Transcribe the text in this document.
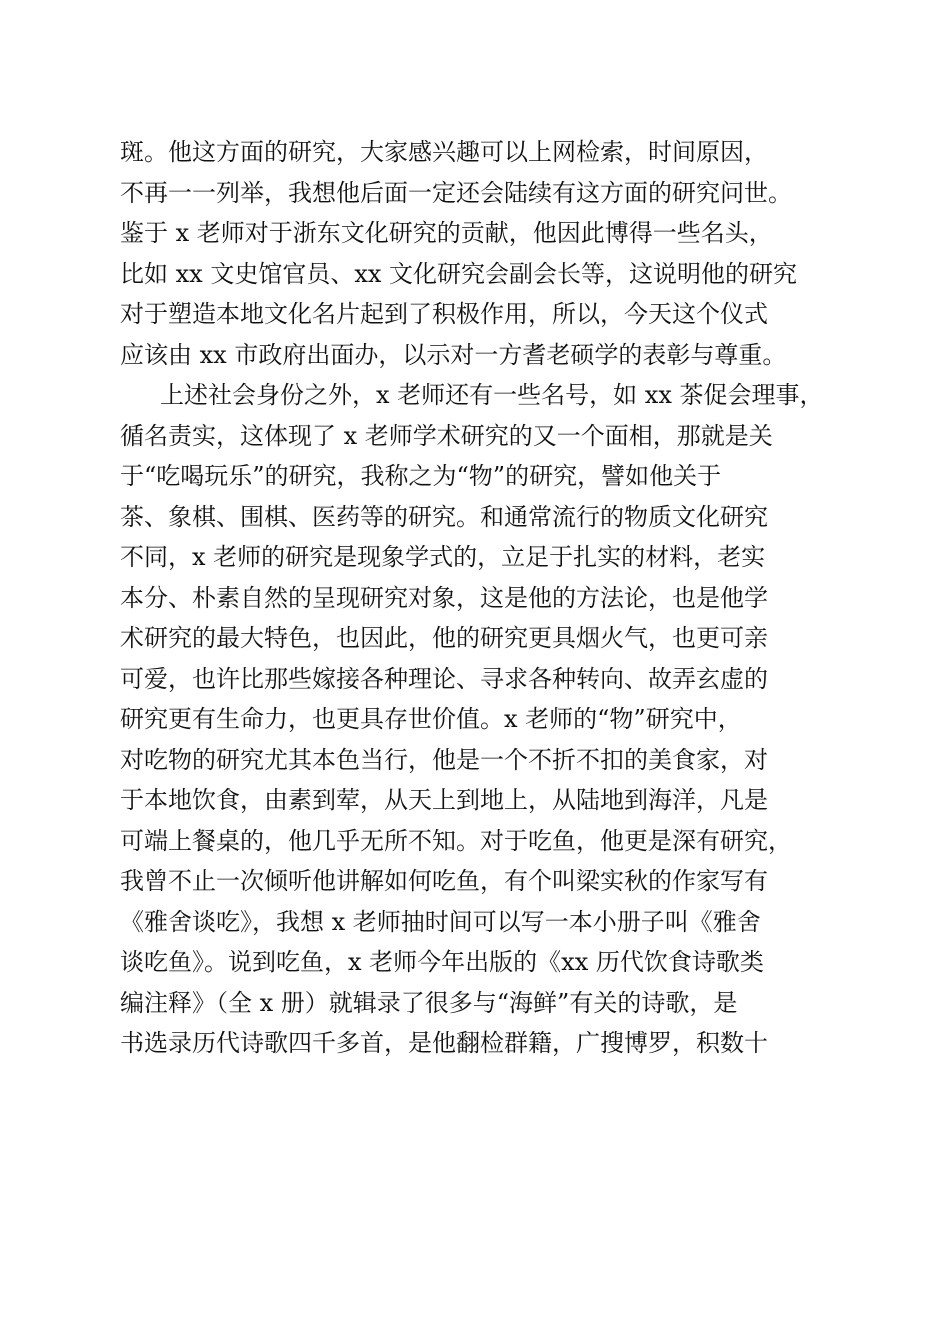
斑。他这方面的研究，大家感兴趣可以上网检索，时间原因，
不再一一列举，我想他后面一定还会陆续有这方面的研究问世。
鉴于 x 老师对于浙东文化研究的贡献，他因此博得一些名头，
比如 xx 文史馆官员、xx 文化研究会副会长等，这说明他的研究
对于塑造本地文化名片起到了积极作用，所以，今天这个仪式
应该由 xx 市政府出面办，以示对一方耆老硕学的表彰与尊重。
上述社会身份之外，x 老师还有一些名号，如 xx 茶促会理事，
循名责实，这体现了 x 老师学术研究的又一个面相，那就是关
于“吃喝玩乐”的研究，我称之为“物”的研究，譬如他关于
茶、象棋、围棋、医药等的研究。和通常流行的物质文化研究
不同，x 老师的研究是现象学式的，立足于扎实的材料，老实
本分、朴素自然的呈现研究对象，这是他的方法论，也是他学
术研究的最大特色，也因此，他的研究更具烟火气，也更可亲
可爱，也许比那些嫁接各种理论、寻求各种转向、故弄玄虚的
研究更有生命力，也更具存世价值。x 老师的“物”研究中，
对吃物的研究尤其本色当行，他是一个不折不扣的美食家，对
于本地饮食，由素到荤，从天上到地上，从陆地到海洋，凡是
可端上餐桌的，他几乎无所不知。对于吃鱼，他更是深有研究，
我曾不止一次倾听他讲解如何吃鱼，有个叫梁实秋的作家写有
《雅舍谈吃》，我想 x 老师抽时间可以写一本小册子叫《雅舍
谈吃鱼》。说到吃鱼，x 老师今年出版的《xx 历代饮食诗歌类
编注释》（全 x 册）就辑录了很多与“海鲜”有关的诗歌，是
书选录历代诗歌四千多首，是他翻检群籍，广搜博罗，积数十
